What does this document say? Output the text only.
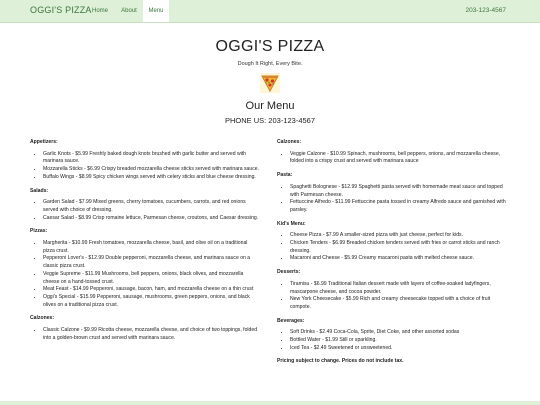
OGGI'S PIZZA Home	About	Menu	203-123-4567
OGGI'S PIZZA
Dough It Right, Every Bite.
Our Menu
PHONE US: 203-123-4567
Appetizers:
• Garlic Knots - $5.99 Freshly baked dough knots brushed with garlic butter and served with marinara sauce.
• Mozzarella Sticks - $6.99 Crispy breaded mozzarella cheese sticks served with marinara sauce.
• Buffalo Wings - $8.99 Spicy chicken wings served with celery sticks and blue cheese dressing.
Salads:
• Garden Salad - $7.99 Mixed greens, cherry tomatoes, cucumbers, carrots, and red onions served with choice of dressing.
• Caesar Salad - $8.99 Crisp romaine lettuce, Parmesan cheese, croutons, and Caesar dressing.
Pizzas:
• Margherita - $10.99 Fresh tomatoes, mozzarella cheese, basil, and olive oil on a traditional pizza crust.
• Pepperoni Lover's - $12.99 Double pepperoni, mozzarella cheese, and marinara sauce on a classic pizza crust.
• Veggie Supreme - $11.99 Mushrooms, bell peppers, onions, black olives, and mozzarella cheese on a hand-tossed crust.
• Meat Feast - $14.99 Pepperoni, sausage, bacon, ham, and mozzarella cheese on a thin crust
• Oggi's Special - $15.99 Pepperoni, sausage, mushrooms, green peppers, onions, and black olives on a traditional pizza crust.
Calzones:
• Classic Calzone - $9.99 Ricotta cheese, mozzarella cheese, and choice of two toppings, folded into a golden-brown crust and served with marinara sauce.
Calzones:
• Veggie Calzone - $10.99 Spinach, mushrooms, bell peppers, onions, and mozzarella cheese, folded into a crispy crust and served with marinara sauce
Pasta:
• Spaghetti Bolognese - $12.99 Spaghetti pasta served with homemade meat sauce and topped with Parmesan cheese.
• Fettuccine Alfredo - $11.99 Fettuccine pasta tossed in creamy Alfredo sauce and garnished with parsley.
Kid's Menu:
• Cheese Pizza - $7.99 A smaller-sized pizza with just cheese, perfect for kids.
• Chicken Tenders - $6.99 Breaded chicken tenders served with fries or carrot sticks and ranch dressing.
• Macaroni and Cheese - $5.99 Creamy macaroni pasta with melted cheese sauce.
Desserts:
• Tiramisu - $6.99 Traditional Italian dessert made with layers of coffee-soaked ladyfingers, mascarpone cheese, and cocoa powder.
• New York Cheesecake - $5.99 Rich and creamy cheesecake topped with a choice of fruit compote.
Beverages:
• Soft Drinks - $2.49 Coca-Cola, Sprite, Diet Coke, and other assorted sodas
• Bottled Water - $1.99 Still or sparkling.
• Iced Tea - $2.49 Sweetened or unsweetened.
Pricing subject to change. Prices do not include tax.
